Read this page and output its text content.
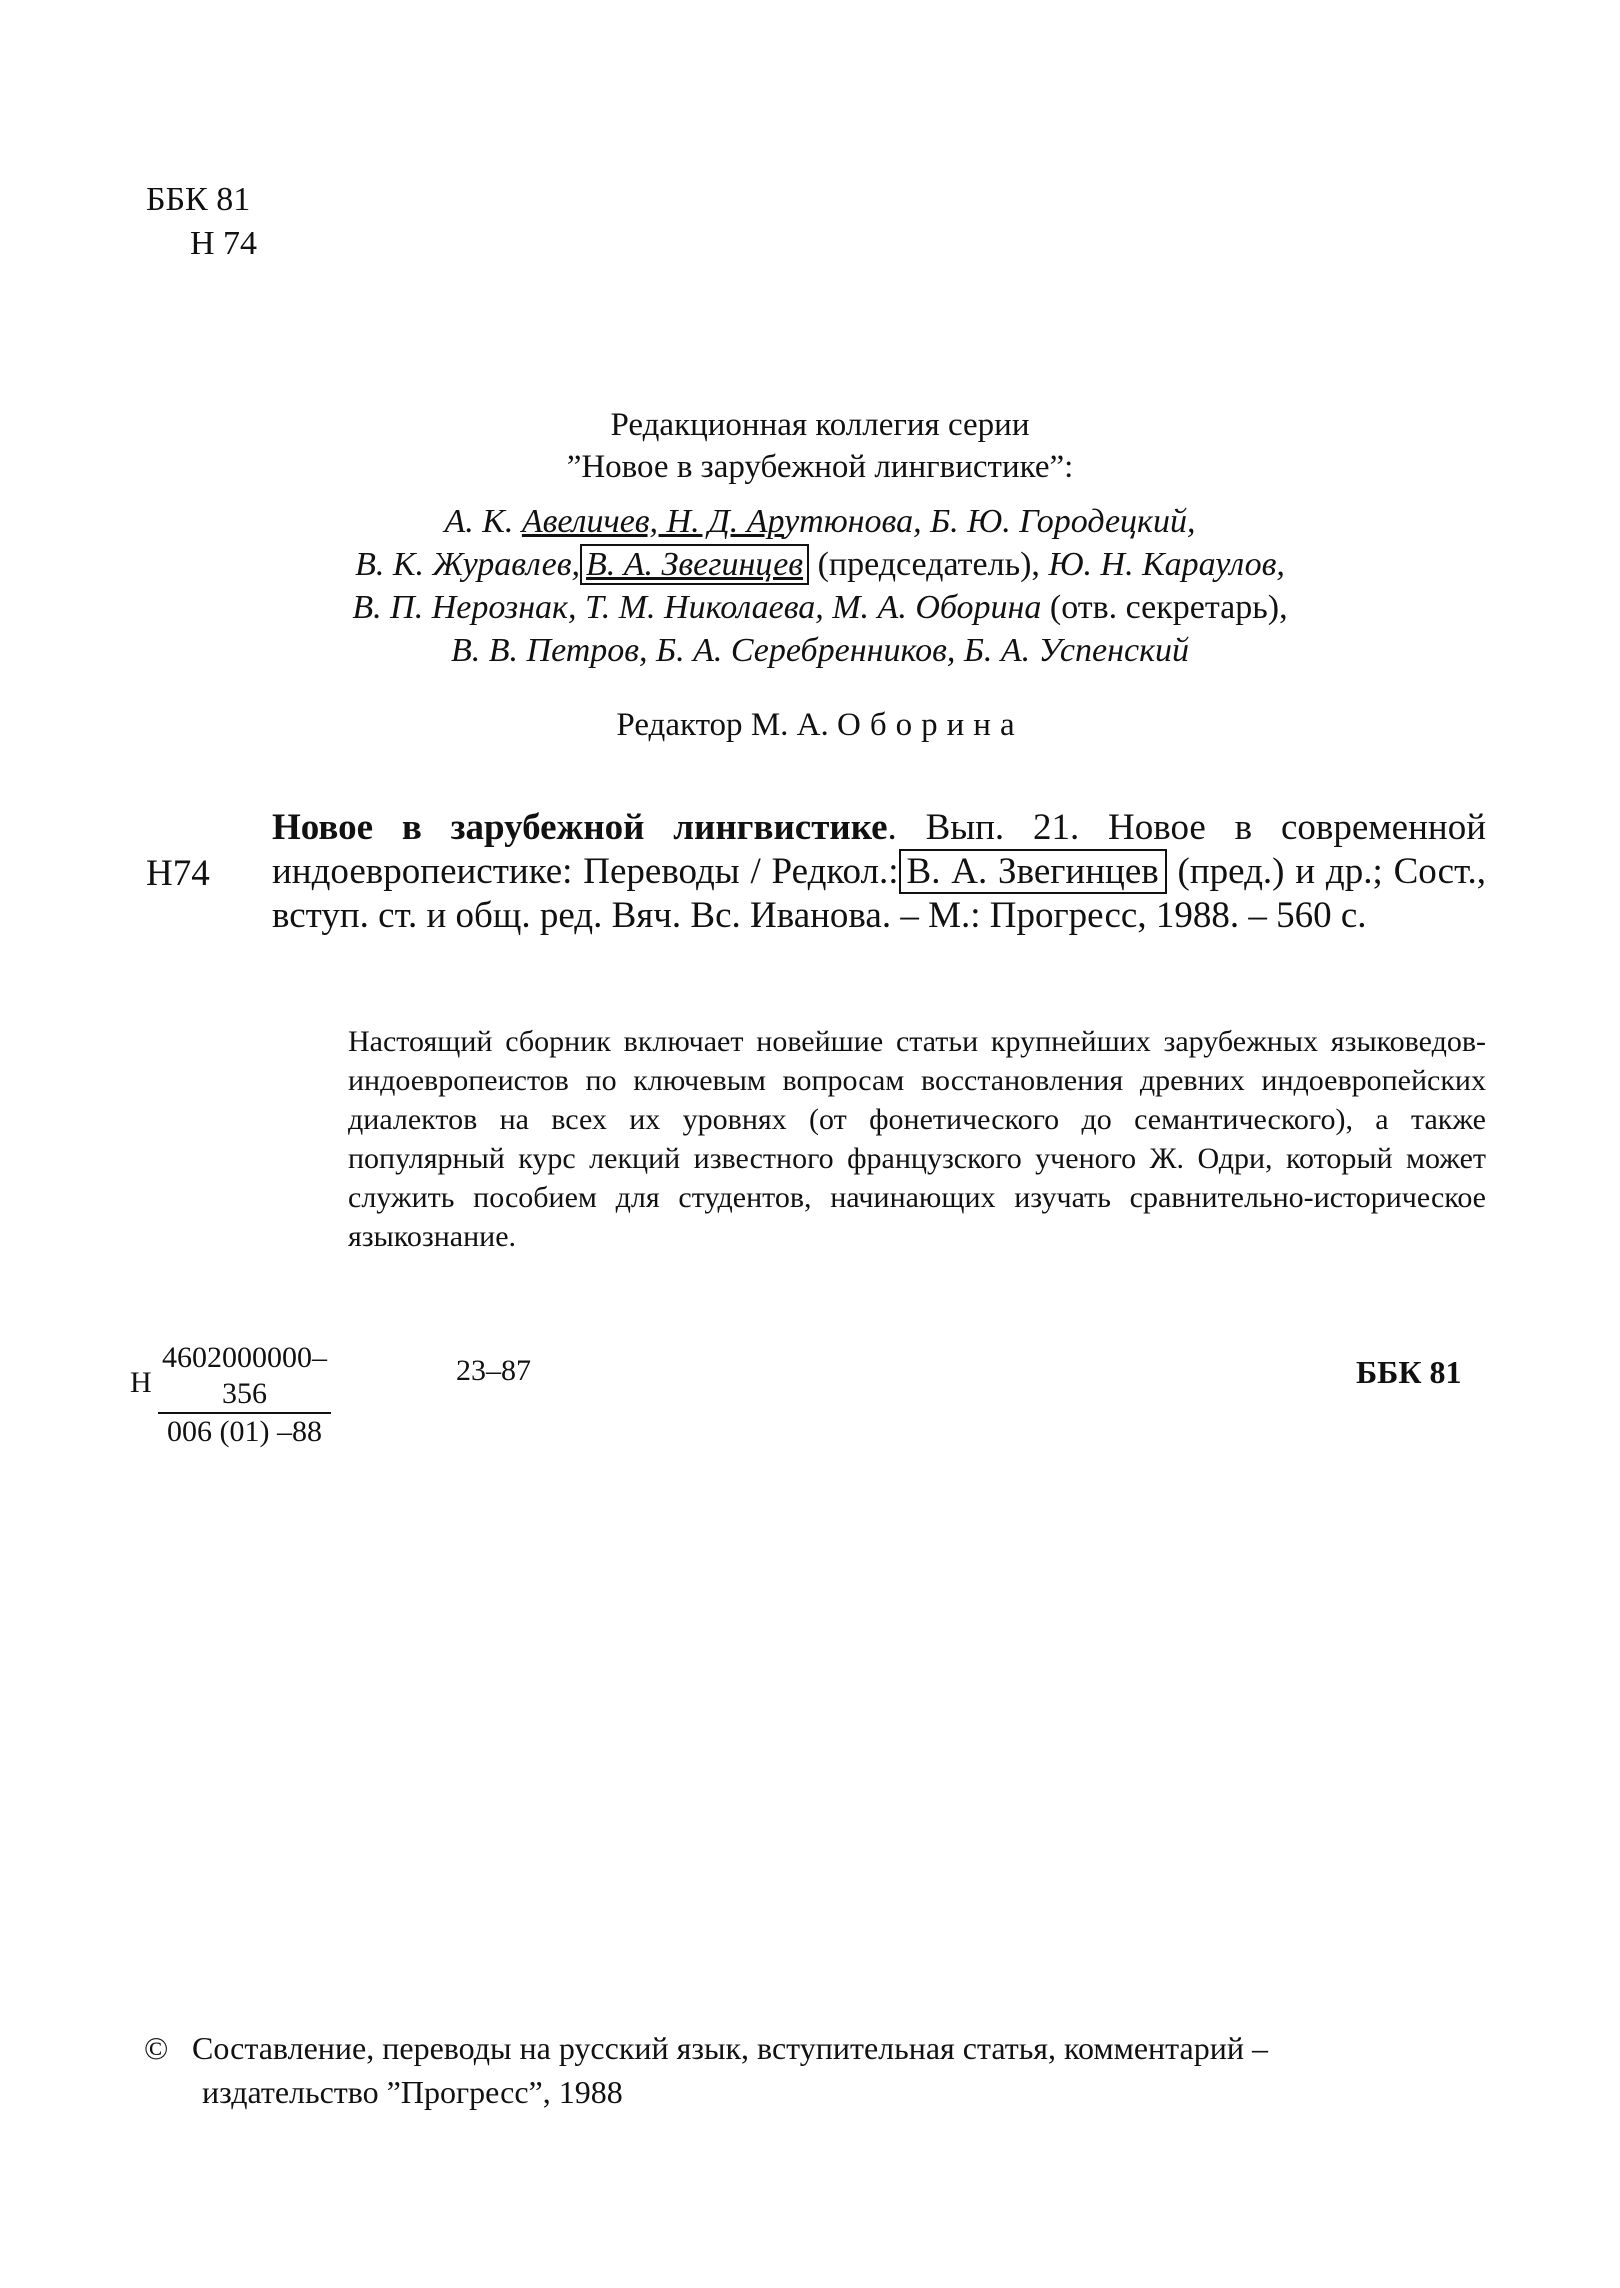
ББК 81
Н 74
Редакционная коллегия серии
”Новое в зарубежной лингвистике”:
А. К. Авеличев, Н. Д. Арутюнова, Б. Ю. Городецкий,
В. К. Журавлев, В. А. Звегинцев (председатель), Ю. Н. Караулов,
В. П. Нерознак, Т. М. Николаева, М. А. Оборина (отв. секретарь),
В. В. Петров, Б. А. Серебренников, Б. А. Успенский
Редактор М. А. Оборина
Н74
Новое в зарубежной лингвистике. Вып. 21. Новое в современной индоевропеистике: Переводы / Редкол.: В. А. Звегинцев (пред.) и др.; Сост., вступ. ст. и общ. ред. Вяч. Вс. Иванова. – М.: Прогресс, 1988. – 560 с.
Настоящий сборник включает новейшие статьи крупнейших зарубежных языковедов-индоевропеистов по ключевым вопросам восстановления древних индоевропейских диалектов на всех их уровнях (от фонетического до семантического), а также популярный курс лекций известного французского ученого Ж. Одри, который может служить пособием для студентов, начинающих изучать сравнительно-историческое языкознание.
Н $\frac{4602000000-356}{006 (01) -88}$	23–87	ББК 81
© Составление, переводы на русский язык, вступительная статья, комментарий –
издательство ”Прогресс”, 1988
